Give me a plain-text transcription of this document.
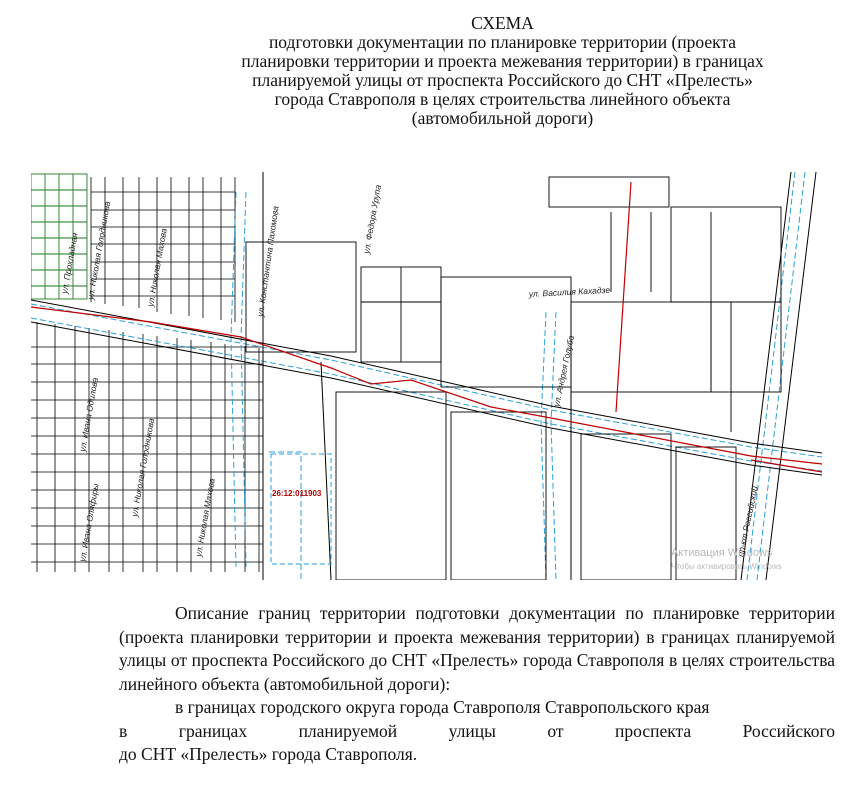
СХЕМА
подготовки документации по планировке территории (проекта
планировки территории и проекта межевания территории) в границах
планируемой улицы от проспекта Российского до СНТ «Прелесть»
города Ставрополя в целях строительства линейного объекта
(автомобильной дороги)
ул. Прохладная ул. Николая Голодникова	ул. Николая Махова	ул. Константина Пахомова	ул. Федора Урупа
ул. Василия Кахадзе
ул. Андрея Голуба
ул. Николая Голодникова
ул. Николая Махова	пр-кт Российский
ул. Ивана Оляфиры
ул. Ивана Одилова
26:12:011903
Активация Windows
Чтобы активировать Windows

Описание границ территории подготовки документации по планировке территории (проекта планировки территории и проекта межевания территории) в границах планируемой улицы от проспекта Российского до СНТ «Прелесть» города Ставрополя в целях строительства линейного объекта (автомобильной дороги):

в границах городского округа города Ставрополя Ставропольского края

в границах планируемой улицы от проспекта Российского

до СНТ «Прелесть» города Ставрополя.
